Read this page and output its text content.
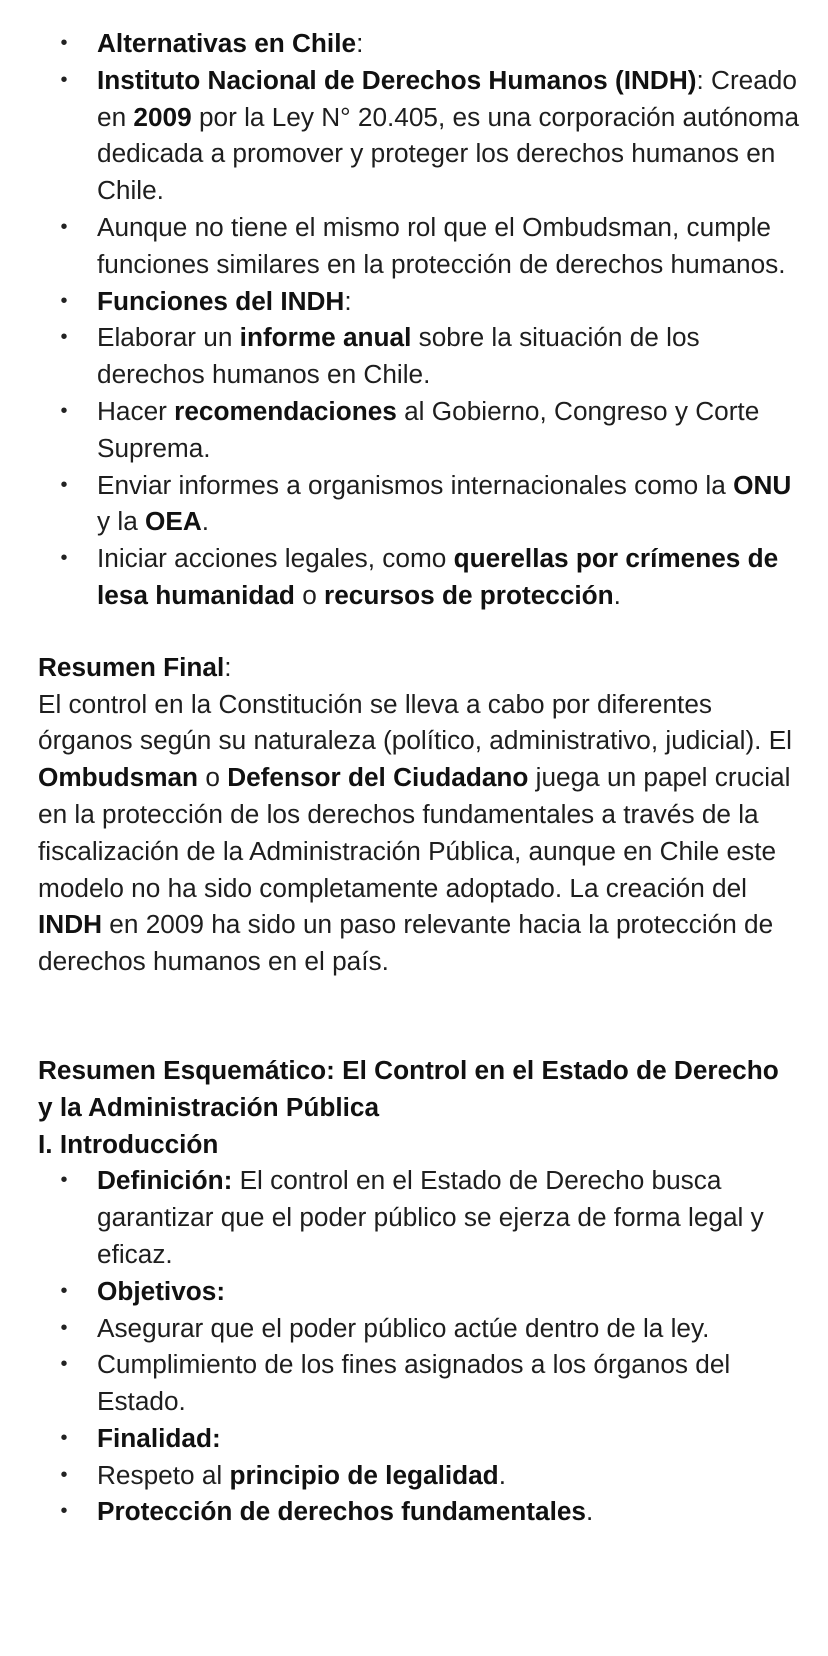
• Alternativas en Chile:
• Instituto Nacional de Derechos Humanos (INDH): Creado en 2009 por la Ley N° 20.405, es una corporación autónoma dedicada a promover y proteger los derechos humanos en Chile.
• Aunque no tiene el mismo rol que el Ombudsman, cumple funciones similares en la protección de derechos humanos.
• Funciones del INDH:
• Elaborar un informe anual sobre la situación de los derechos humanos en Chile.
• Hacer recomendaciones al Gobierno, Congreso y Corte Suprema.
• Enviar informes a organismos internacionales como la ONU y la OEA.
• Iniciar acciones legales, como querellas por crímenes de lesa humanidad o recursos de protección.
Resumen Final:
El control en la Constitución se lleva a cabo por diferentes órganos según su naturaleza (político, administrativo, judicial). El Ombudsman o Defensor del Ciudadano juega un papel crucial en la protección de los derechos fundamentales a través de la fiscalización de la Administración Pública, aunque en Chile este modelo no ha sido completamente adoptado. La creación del INDH en 2009 ha sido un paso relevante hacia la protección de derechos humanos en el país.
Resumen Esquemático: El Control en el Estado de Derecho y la Administración Pública
I. Introducción
• Definición: El control en el Estado de Derecho busca garantizar que el poder público se ejerza de forma legal y eficaz.
• Objetivos:
• Asegurar que el poder público actúe dentro de la ley.
• Cumplimiento de los fines asignados a los órganos del Estado.
• Finalidad:
• Respeto al principio de legalidad.
• Protección de derechos fundamentales.
